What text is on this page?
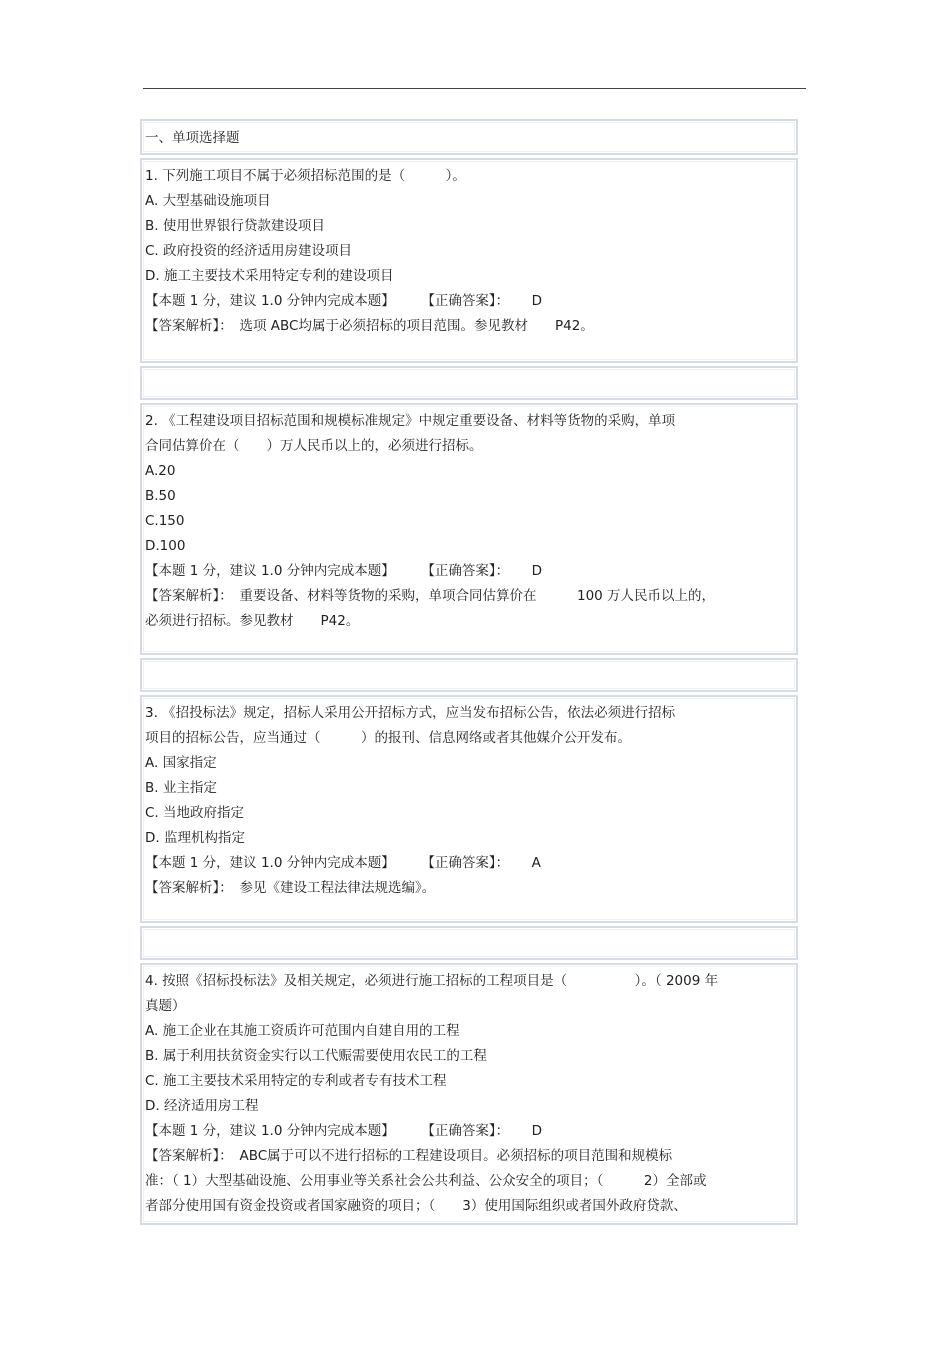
一、单项选择题
1. 下列施工项目不属于必须招标范围的是（　　　）。
A. 大型基础设施项目
B. 使用世界银行贷款建设项目
C. 政府投资的经济适用房建设项目
D. 施工主要技术采用特定专利的建设项目
【本题 1 分，建议 1.0 分钟内完成本题】 【正确答案】： D
【答案解析】：　选项 ABC均属于必须招标的项目范围。参见教材　　P42。
2. 《工程建设项目招标范围和规模标准规定》中规定重要设备、材料等货物的采购，单项
合同估算价在（　　）万人民币以上的，必须进行招标。
A.20
B.50
C.150
D.100
【本题 1 分，建议 1.0 分钟内完成本题】 【正确答案】： D
【答案解析】：　重要设备、材料等货物的采购，单项合同估算价在　　　100 万人民币以上的，
必须进行招标。参见教材　　P42。
3. 《招投标法》规定，招标人采用公开招标方式，应当发布招标公告，依法必须进行招标
项目的招标公告，应当通过（　　　）的报刊、信息网络或者其他媒介公开发布。
A. 国家指定
B. 业主指定
C. 当地政府指定
D. 监理机构指定
【本题 1 分，建议 1.0 分钟内完成本题】 【正确答案】： A
【答案解析】：　参见《建设工程法律法规选编》。
4. 按照《招标投标法》及相关规定，必须进行施工招标的工程项目是（　　　　　）。（ 2009 年
真题）
A. 施工企业在其施工资质许可范围内自建自用的工程
B. 属于利用扶贫资金实行以工代赈需要使用农民工的工程
C. 施工主要技术采用特定的专利或者专有技术工程
D. 经济适用房工程
【本题 1 分，建议 1.0 分钟内完成本题】 【正确答案】： D
【答案解析】：　ABC属于可以不进行招标的工程建设项目。必须招标的项目范围和规模标
准：（ 1）大型基础设施、公用事业等关系社会公共利益、公众安全的项目；（　　　2）全部或
者部分使用国有资金投资或者国家融资的项目；（　　3）使用国际组织或者国外政府贷款、
